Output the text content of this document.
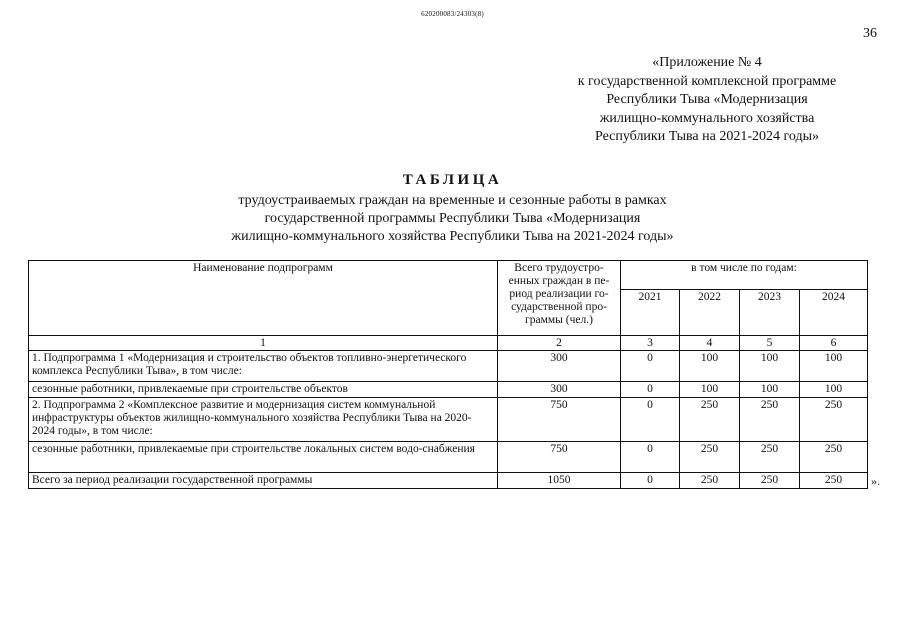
620200083/24303(8)
36
«Приложение № 4
к государственной комплексной программе
Республики Тыва «Модернизация
жилищно-коммунального хозяйства
Республики Тыва на 2021-2024 годы»
ТАБЛИЦА
трудоустраиваемых граждан на временные и сезонные работы в рамках
государственной программы Республики Тыва «Модернизация
жилищно-коммунального хозяйства Республики Тыва на 2021-2024 годы»
Наименование подпрограмм	Всего трудоустро-енных граждан в пе-риод реализации го-сударственной про-граммы (чел.)	в том числе по годам:			
		2021	2022	2023	2024
1	2	3	4	5	6
1. Подпрограмма 1 «Модернизация и строительство объектов топливно-энергетического комплекса Республики Тыва», в том числе:	300	0	100	100	100
сезонные работники, привлекаемые при строительстве объектов	300	0	100	100	100
2. Подпрограмма 2 «Комплексное развитие и модернизация систем коммунальной инфраструктуры объектов жилищно-коммунального хозяйства Республики Тыва на 2020-2024 годы», в том числе:	750	0	250	250	250
сезонные работники, привлекаемые при строительстве локальных систем водо-снабжения	750	0	250	250	250
Всего за период реализации государственной программы	1050	0	250	250	250 ».
